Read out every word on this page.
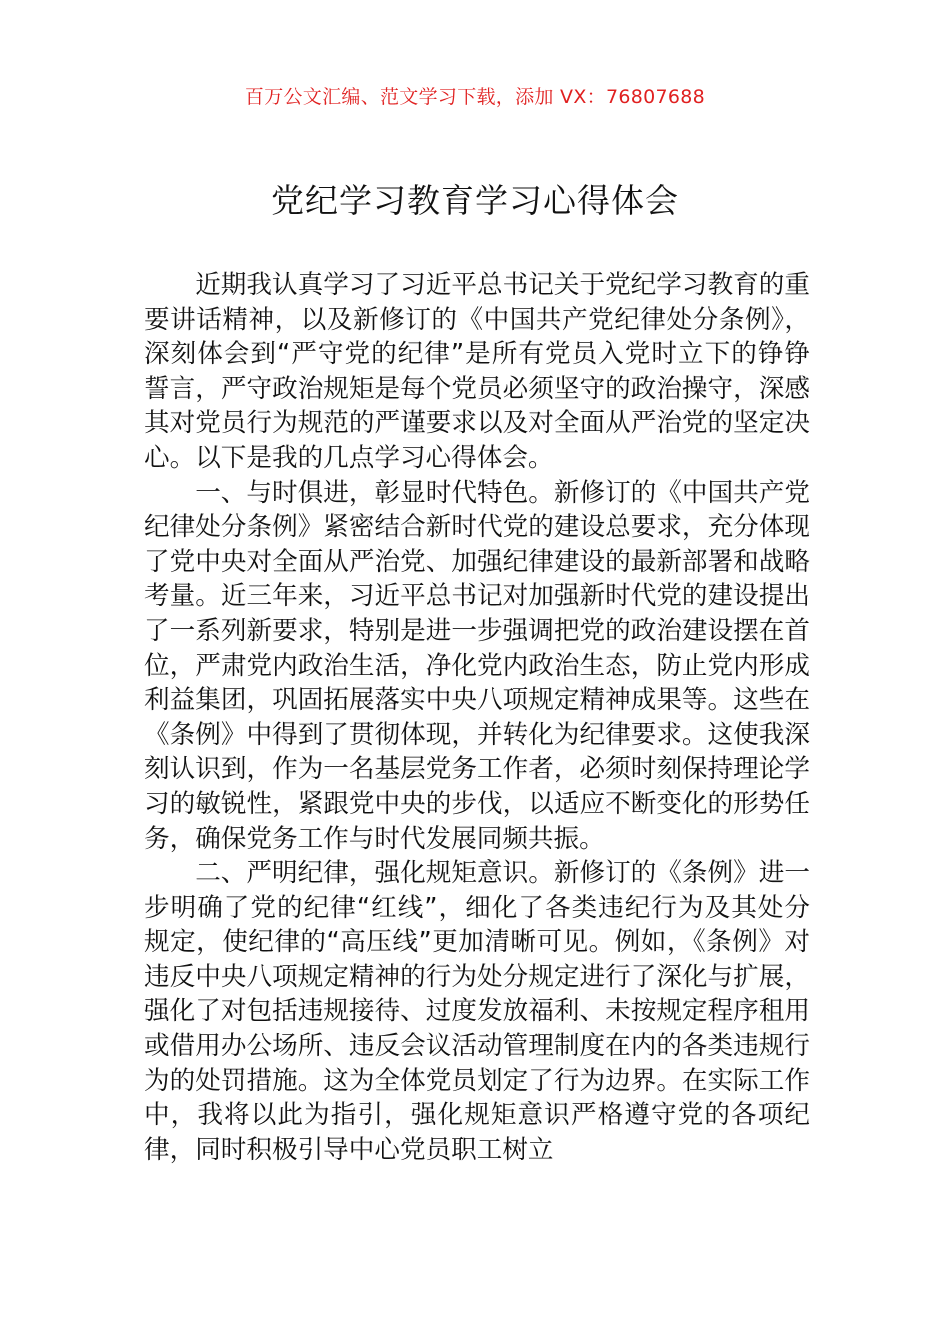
百万公文汇编、范文学习下载，添加 VX：76807688
党纪学习教育学习心得体会

近期我认真学习了习近平总书记关于党纪学习教育的重要讲话精神，以及新修订的《中国共产党纪律处分条例》，深刻体会到“严守党的纪律”是所有党员入党时立下的铮铮誓言，严守政治规矩是每个党员必须坚守的政治操守，深感其对党员行为规范的严谨要求以及对全面从严治党的坚定决心。以下是我的几点学习心得体会。

一、与时俱进，彰显时代特色。新修订的《中国共产党纪律处分条例》紧密结合新时代党的建设总要求，充分体现了党中央对全面从严治党、加强纪律建设的最新部署和战略考量。近三年来，习近平总书记对加强新时代党的建设提出了一系列新要求，特别是进一步强调把党的政治建设摆在首位，严肃党内政治生活，净化党内政治生态，防止党内形成利益集团，巩固拓展落实中央八项规定精神成果等。这些在《条例》中得到了贯彻体现，并转化为纪律要求。这使我深刻认识到，作为一名基层党务工作者，必须时刻保持理论学习的敏锐性，紧跟党中央的步伐，以适应不断变化的形势任务，确保党务工作与时代发展同频共振。

二、严明纪律，强化规矩意识。新修订的《条例》进一步明确了党的纪律“红线”，细化了各类违纪行为及其处分规定，使纪律的“高压线”更加清晰可见。例如，《条例》对违反中央八项规定精神的行为处分规定进行了深化与扩展，强化了对包括违规接待、过度发放福利、未按规定程序租用或借用办公场所、违反会议活动管理制度在内的各类违规行为的处罚措施。这为全体党员划定了行为边界。在实际工作中，我将以此为指引，强化规矩意识严格遵守党的各项纪律，同时积极引导中心党员职工树立
